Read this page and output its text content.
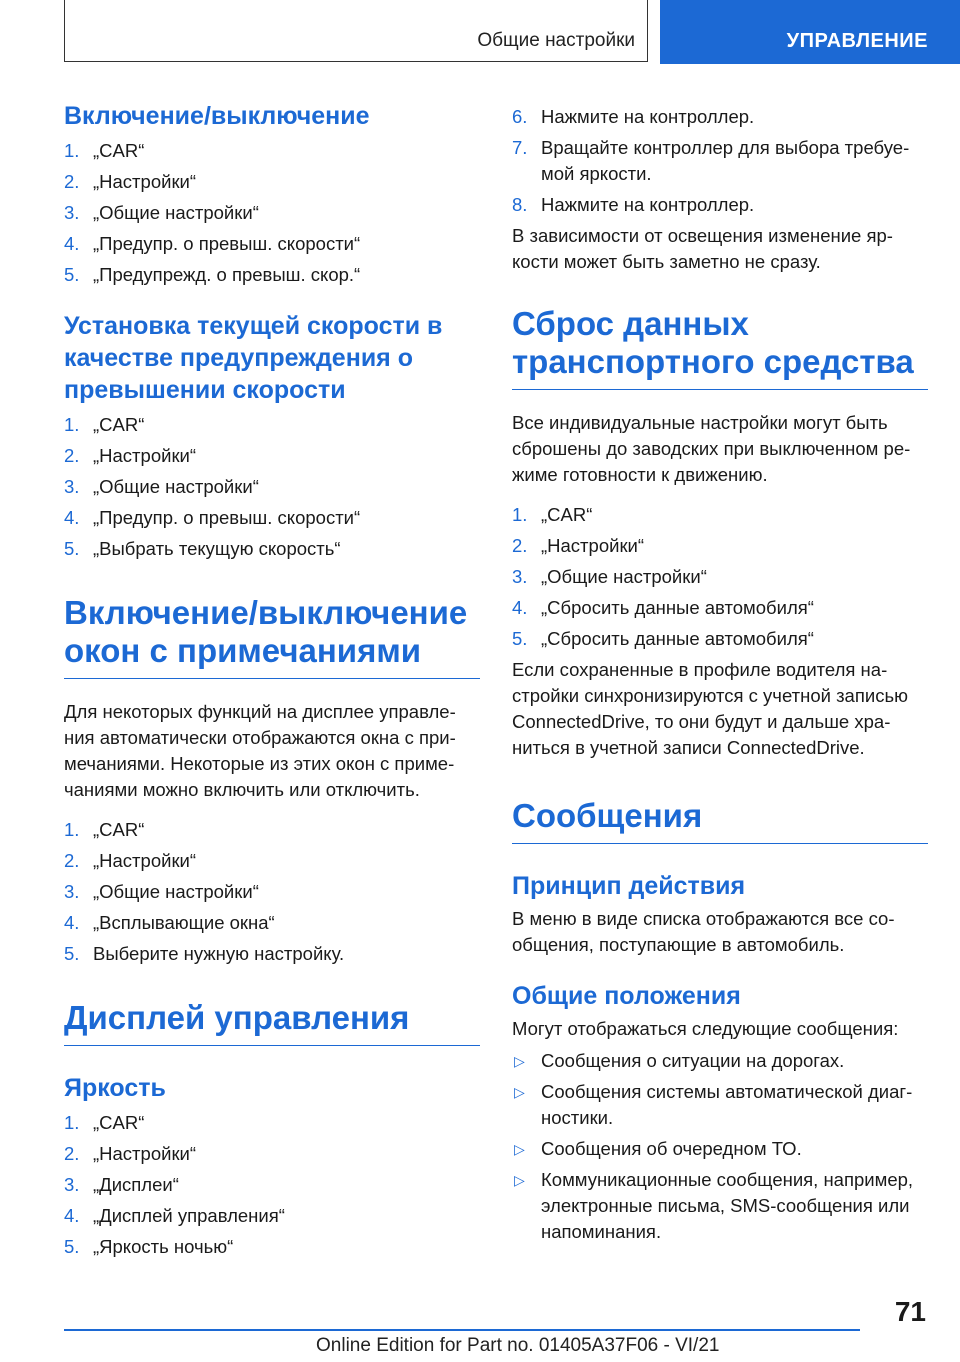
Общие настройки	УПРАВЛЕНИЕ
Включение/выключение
1. „CAR“
2. „Настройки“
3. „Общие настройки“
4. „Предупр. о превыш. скорости“
5. „Предупрежд. о превыш. скор.“
Установка текущей скорости в качестве предупреждения о превышении скорости
1. „CAR“
2. „Настройки“
3. „Общие настройки“
4. „Предупр. о превыш. скорости“
5. „Выбрать текущую скорость“
Включение/выключение окон с примечаниями

Для некоторых функций на дисплее управления автоматически отображаются окна с примечаниями. Некоторые из этих окон с примечаниями можно включить или отключить.

1. „CAR“
2. „Настройки“
3. „Общие настройки“
4. „Всплывающие окна“
5. Выберите нужную настройку.
Дисплей управления
Яркость
1. „CAR“
2. „Настройки“
3. „Дисплеи“
4. „Дисплей управления“
5. „Яркость ночью“
6. Нажмите на контроллер.
7. Вращайте контроллер для выбора требуемой яркости.
8. Нажмите на контроллер.

В зависимости от освещения изменение яркости может быть заметно не сразу.

Сброс данных транспортного средства

Все индивидуальные настройки могут быть сброшены до заводских при выключенном режиме готовности к движению.

1. „CAR“
2. „Настройки“
3. „Общие настройки“
4. „Сбросить данные автомобиля“
5. „Сбросить данные автомобиля“

Если сохраненные в профиле водителя настройки синхронизируются с учетной записью ConnectedDrive, то они будут и дальше храниться в учетной записи ConnectedDrive.

Сообщения
Принцип действия

В меню в виде списка отображаются все сообщения, поступающие в автомобиль.

Общие положения

Могут отображаться следующие сообщения:

▷ Сообщения о ситуации на дорогах.
▷ Сообщения системы автоматической диагностики.
▷ Сообщения об очередном ТО.
▷ Коммуникационные сообщения, например, электронные письма, SMS-сообщения или напоминания.
71
Online Edition for Part no. 01405A37F06 - VI/21
